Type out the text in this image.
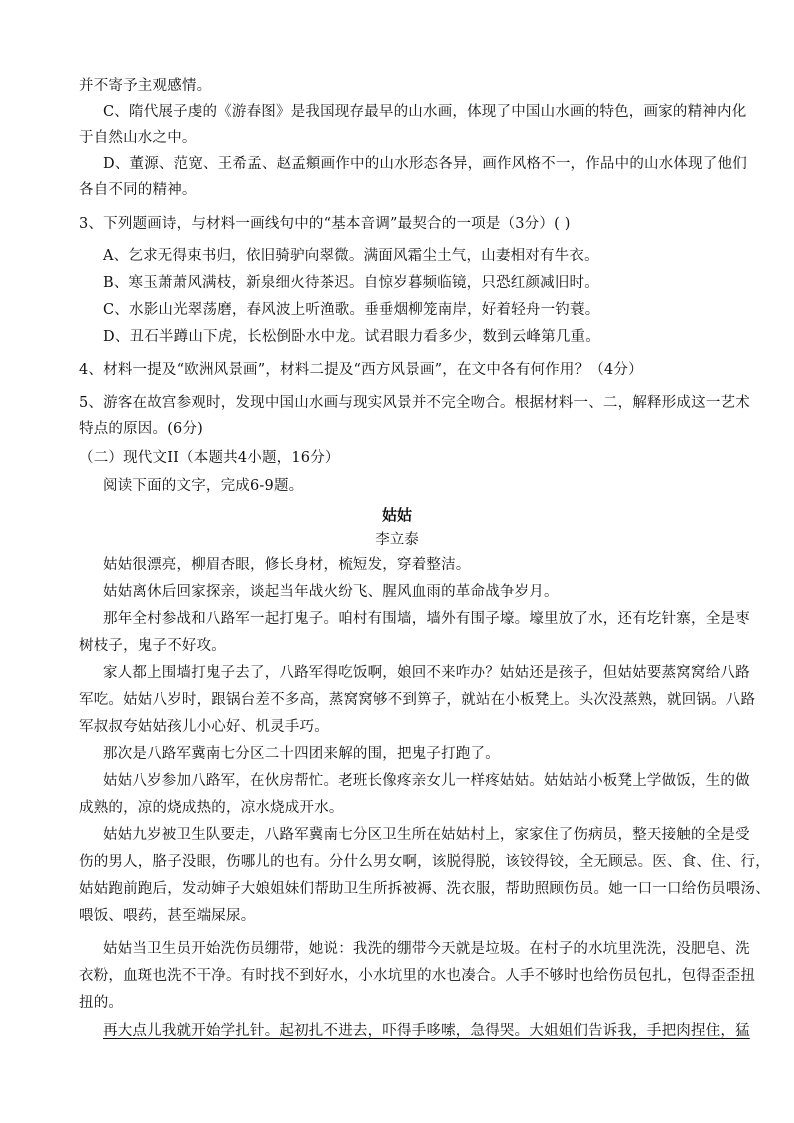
并不寄予主观感情。
C、隋代展子虔的《游春图》是我国现存最早的山水画，体现了中国山水画的特色，画家的精神内化
于自然山水之中。
D、董源、范宽、王希孟、赵孟頫画作中的山水形态各异，画作风格不一，作品中的山水体现了他们
各自不同的精神。
3、下列题画诗，与材料一画线句中的“基本音调”最契合的一项是（3分）( )
A、乞求无得束书归，依旧骑驴向翠微。满面风霜尘土气，山妻相对有牛衣。
B、寒玉萧萧风满枝，新泉细火待茶迟。自惊岁暮频临镜，只恐红颜减旧时。
C、水影山光翠荡磨，春风波上听渔歌。垂垂烟柳笼南岸，好着轻舟一钓蓑。
D、丑石半蹲山下虎，长松倒卧水中龙。试君眼力看多少，数到云峰第几重。
4、材料一提及“欧洲风景画”，材料二提及“西方风景画”，在文中各有何作用？（4分）
5、游客在故宫参观时，发现中国山水画与现实风景并不完全吻合。根据材料一、二，解释形成这一艺术
特点的原因。(6分)
（二）现代文II（本题共4小题，16分）
阅读下面的文字，完成6-9题。
姑姑
李立泰
姑姑很漂亮，柳眉杏眼，修长身材，梳短发，穿着整洁。
姑姑离休后回家探亲，谈起当年战火纷飞、腥风血雨的革命战争岁月。
那年全村参战和八路军一起打鬼子。咱村有围墙，墙外有围子壕。壕里放了水，还有圪针寨，全是枣
树枝子，鬼子不好攻。
家人都上围墙打鬼子去了，八路军得吃饭啊，娘回不来咋办？姑姑还是孩子，但姑姑要蒸窝窝给八路
军吃。姑姑八岁时，跟锅台差不多高，蒸窝窝够不到箅子，就站在小板凳上。头次没蒸熟，就回锅。八路
军叔叔夸姑姑孩儿小心好、机灵手巧。
那次是八路军冀南七分区二十四团来解的围，把鬼子打跑了。
姑姑八岁参加八路军，在伙房帮忙。老班长像疼亲女儿一样疼姑姑。姑姑站小板凳上学做饭，生的做
成熟的，凉的烧成热的，凉水烧成开水。
姑姑九岁被卫生队要走，八路军冀南七分区卫生所在姑姑村上，家家住了伤病员，整天接触的全是受
伤的男人，胳子没眼，伤哪儿的也有。分什么男女啊，该脱得脱，该铰得铰，全无顾忌。医、食、住、行，
姑姑跑前跑后，发动婶子大娘姐妹们帮助卫生所拆被褥、洗衣服，帮助照顾伤员。她一口一口给伤员喂汤、
喂饭、喂药，甚至端屎尿。
姑姑当卫生员开始洗伤员绷带，她说：我洗的绷带今天就是垃圾。在村子的水坑里洗洗，没肥皂、洗
衣粉，血斑也洗不干净。有时找不到好水，小水坑里的水也凑合。人手不够时也给伤员包扎，包得歪歪扭
扭的。
再大点儿我就开始学扎针。起初扎不进去，吓得手哆嗦，急得哭。大姐姐们告诉我，手把肉捏住，猛
